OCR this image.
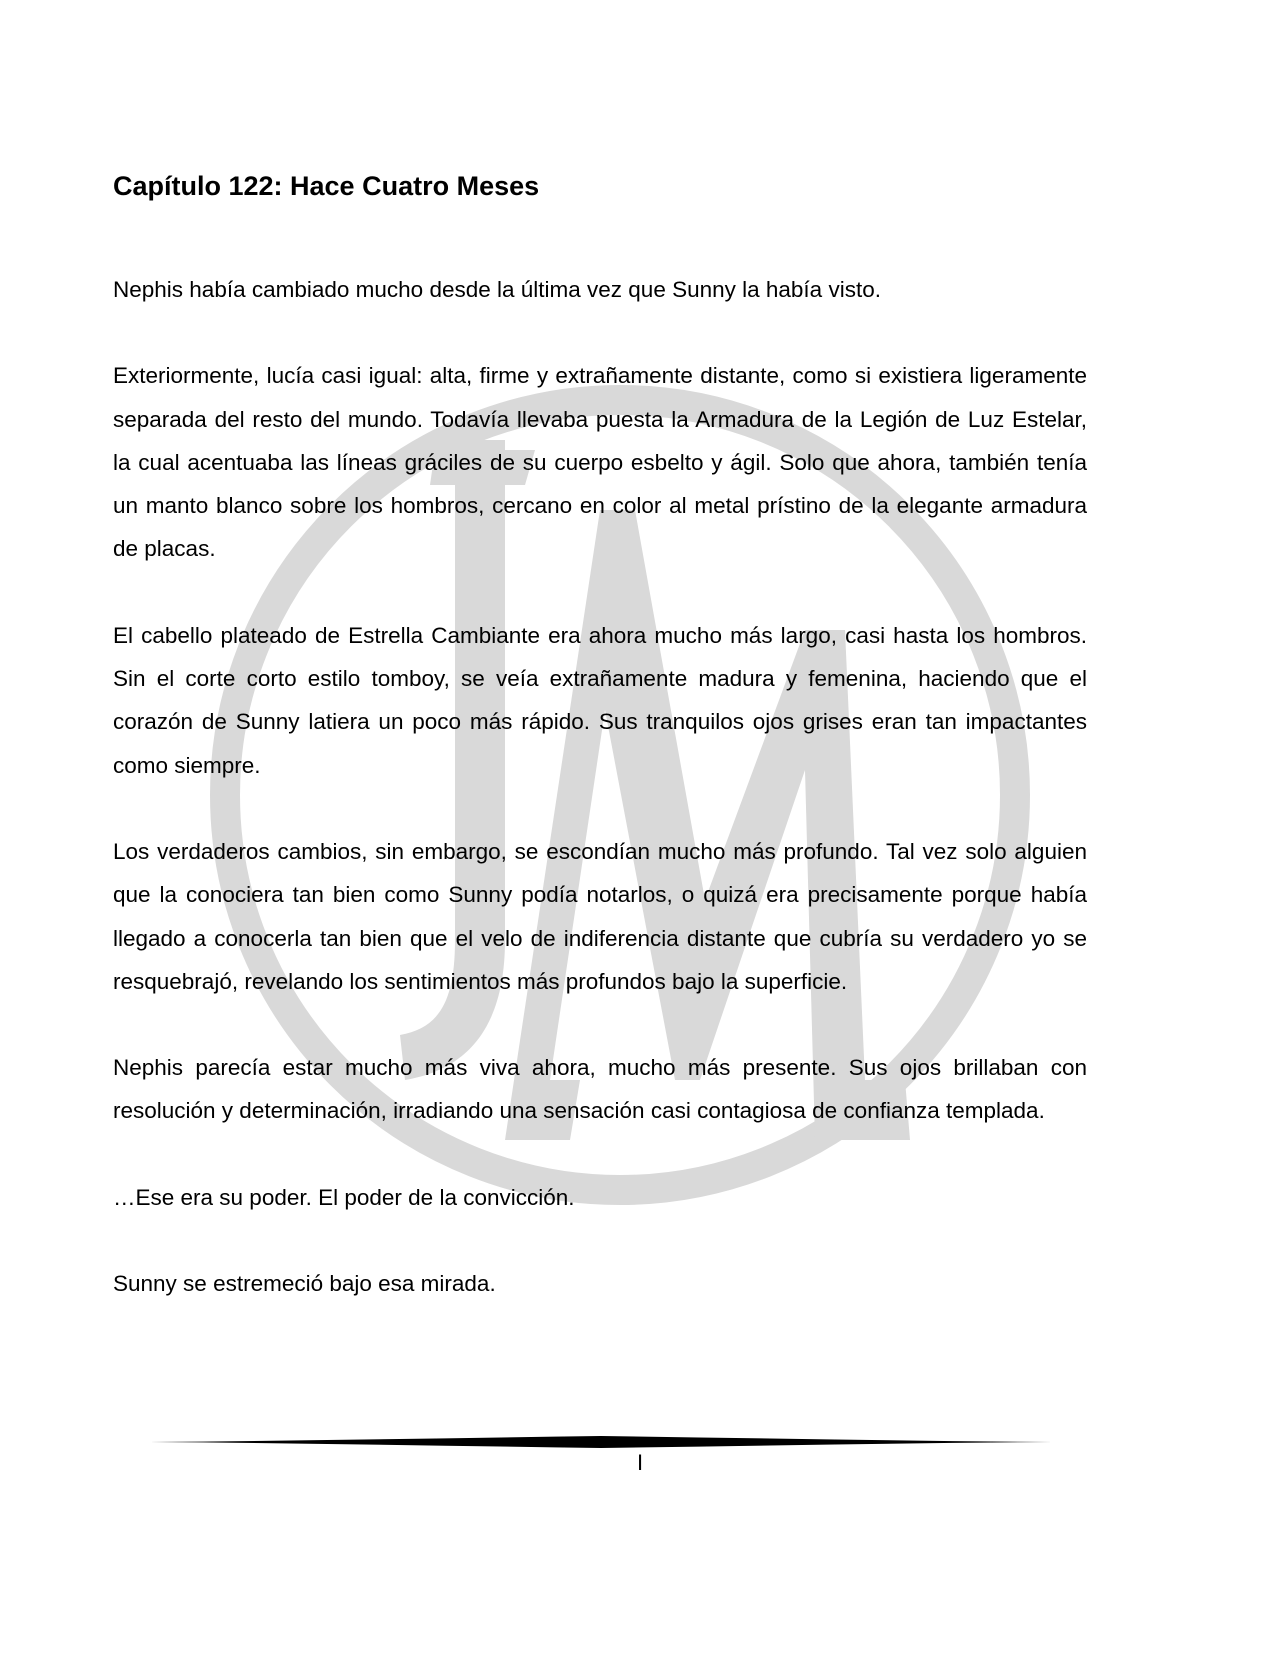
Capítulo 122: Hace Cuatro Meses

Nephis había cambiado mucho desde la última vez que Sunny la había visto.

Exteriormente, lucía casi igual: alta, firme y extrañamente distante, como si existiera ligeramente separada del resto del mundo. Todavía llevaba puesta la Armadura de la Legión de Luz Estelar, la cual acentuaba las líneas gráciles de su cuerpo esbelto y ágil. Solo que ahora, también tenía un manto blanco sobre los hombros, cercano en color al metal prístino de la elegante armadura de placas.

El cabello plateado de Estrella Cambiante era ahora mucho más largo, casi hasta los hombros. Sin el corte corto estilo tomboy, se veía extrañamente madura y femenina, haciendo que el corazón de Sunny latiera un poco más rápido. Sus tranquilos ojos grises eran tan impactantes como siempre.

Los verdaderos cambios, sin embargo, se escondían mucho más profundo. Tal vez solo alguien que la conociera tan bien como Sunny podía notarlos, o quizá era precisamente porque había llegado a conocerla tan bien que el velo de indiferencia distante que cubría su verdadero yo se resquebrajó, revelando los sentimientos más profundos bajo la superficie.

Nephis parecía estar mucho más viva ahora, mucho más presente. Sus ojos brillaban con resolución y determinación, irradiando una sensación casi contagiosa de confianza templada.

…Ese era su poder. El poder de la convicción.

Sunny se estremeció bajo esa mirada.

I
